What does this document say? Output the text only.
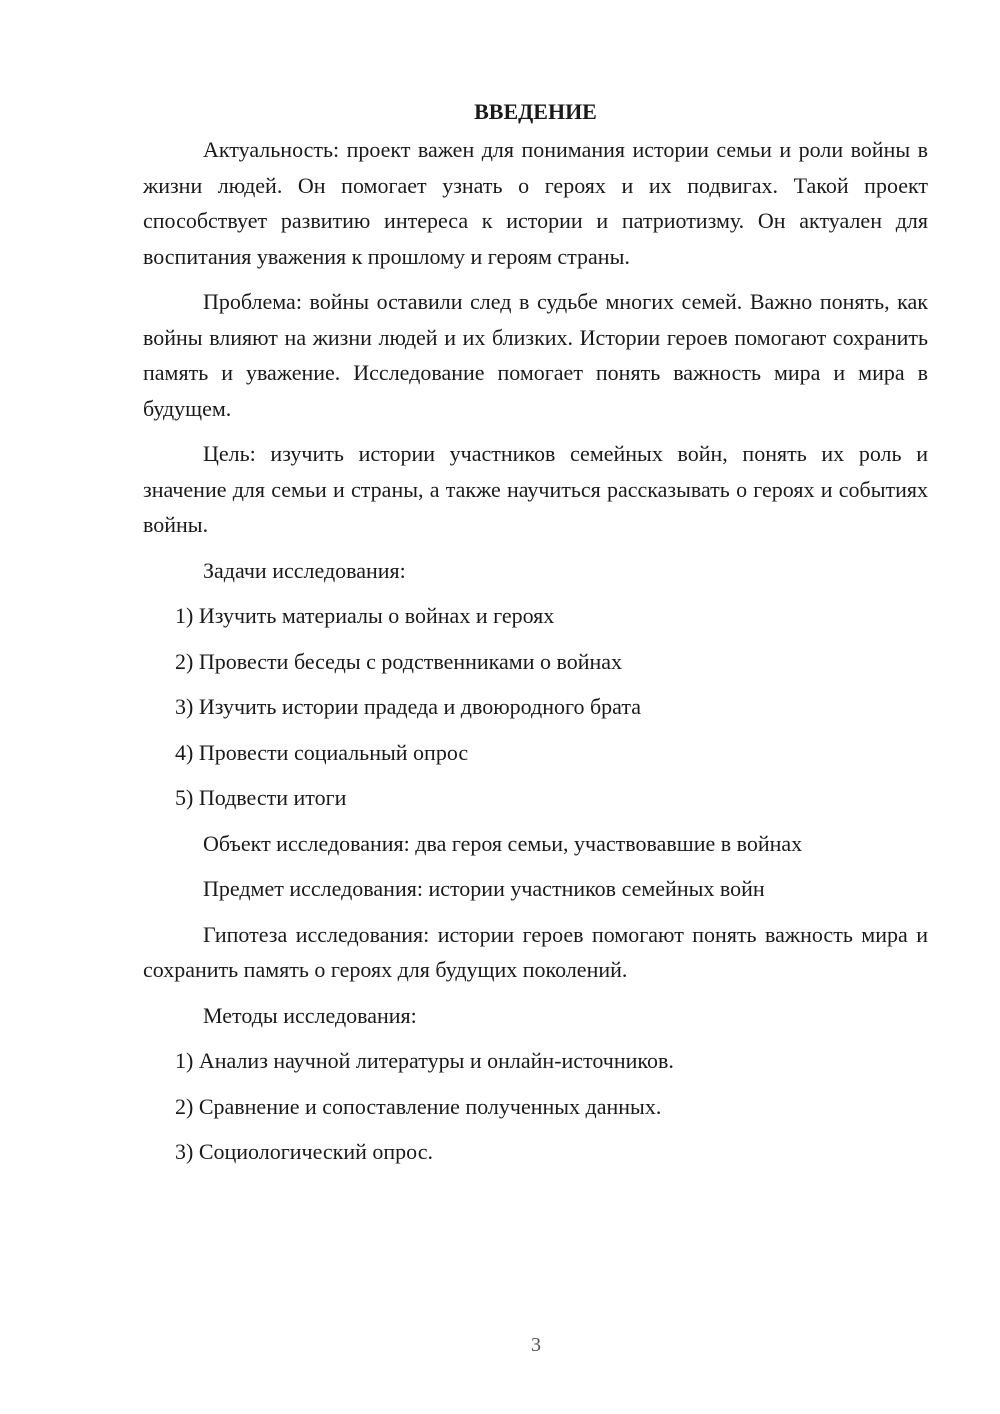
ВВЕДЕНИЕ

Актуальность: проект важен для понимания истории семьи и роли войны в жизни людей. Он помогает узнать о героях и их подвигах. Такой проект способствует развитию интереса к истории и патриотизму. Он актуален для воспитания уважения к прошлому и героям страны.

Проблема: войны оставили след в судьбе многих семей. Важно понять, как войны влияют на жизни людей и их близких. Истории героев помогают сохранить память и уважение. Исследование помогает понять важность мира и мира в будущем.

Цель: изучить истории участников семейных войн, понять их роль и значение для семьи и страны, а также научиться рассказывать о героях и событиях войны.

Задачи исследования:
1) Изучить материалы о войнах и героях
2) Провести беседы с родственниками о войнах
3) Изучить истории прадеда и двоюродного брата
4) Провести социальный опрос
5) Подвести итоги
Объект исследования: два героя семьи, участвовавшие в войнах
Предмет исследования: истории участников семейных войн

Гипотеза исследования: истории героев помогают понять важность мира и сохранить память о героях для будущих поколений.

Методы исследования:
1) Анализ научной литературы и онлайн-источников.
2) Сравнение и сопоставление полученных данных.
3) Социологический опрос.
3
